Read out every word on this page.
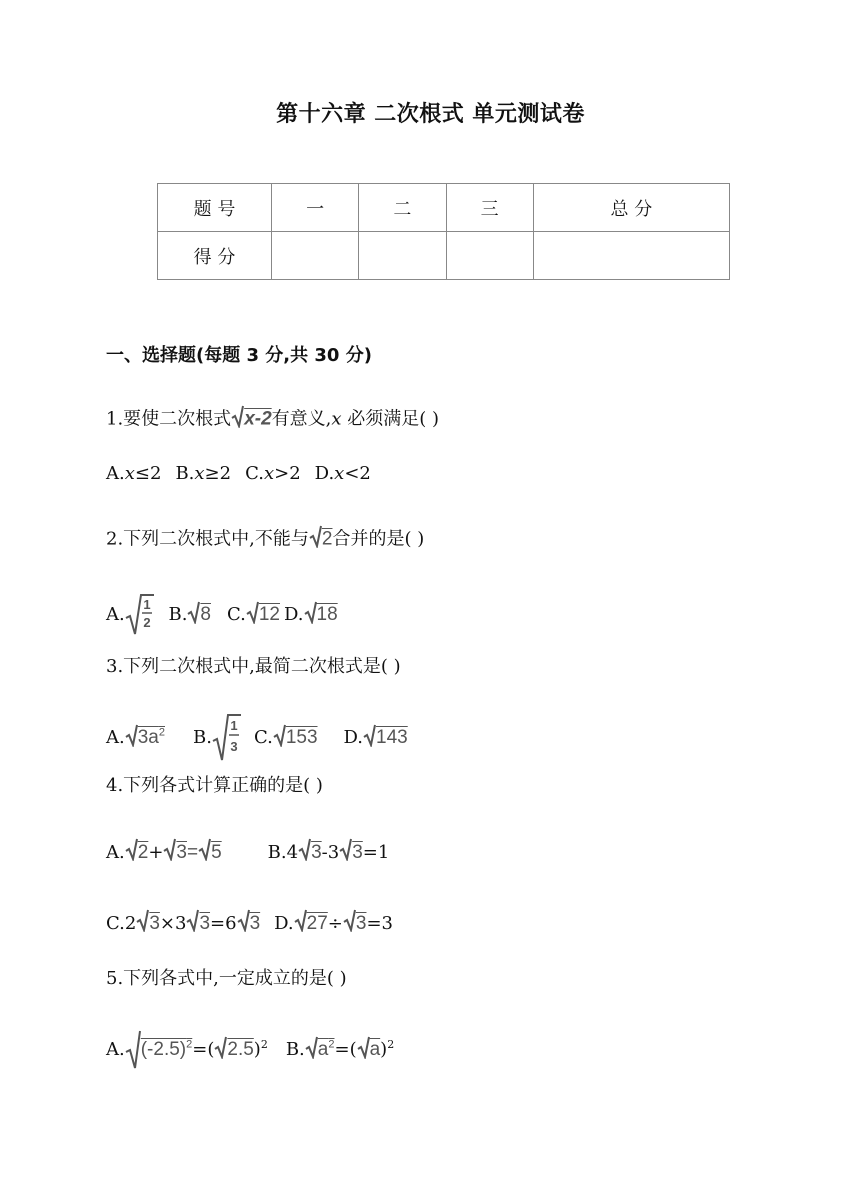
第十六章 二次根式 单元测试卷
题 号	一	二	三	总 分
得 分				
一、选择题(每题 3 分,共 30 分)
1.要使二次根式 x-2有意义,x 必须满足( )
A.x≤2 B.x≥2 C.x>2 D.x<2
2.下列二次根式中,不能与 2合并的是( )
A. 1
2 B. 8 C. 12 D. 18
3.下列二次根式中,最简二次根式是( )
A. $3a^2$ B.
1
3 C. 153 D. 143
4.下列各式计算正确的是( )
A. 2+ 3= 5	B.4 3-3 3=1
C.2 3×3 3=6 3 D. 27÷ 3=3
5.下列各式中,一定成立的是( )
A. $(-2.5)^2=$( 2.5)$^2$ B. $a^2=$( $\overline{a})^2$
